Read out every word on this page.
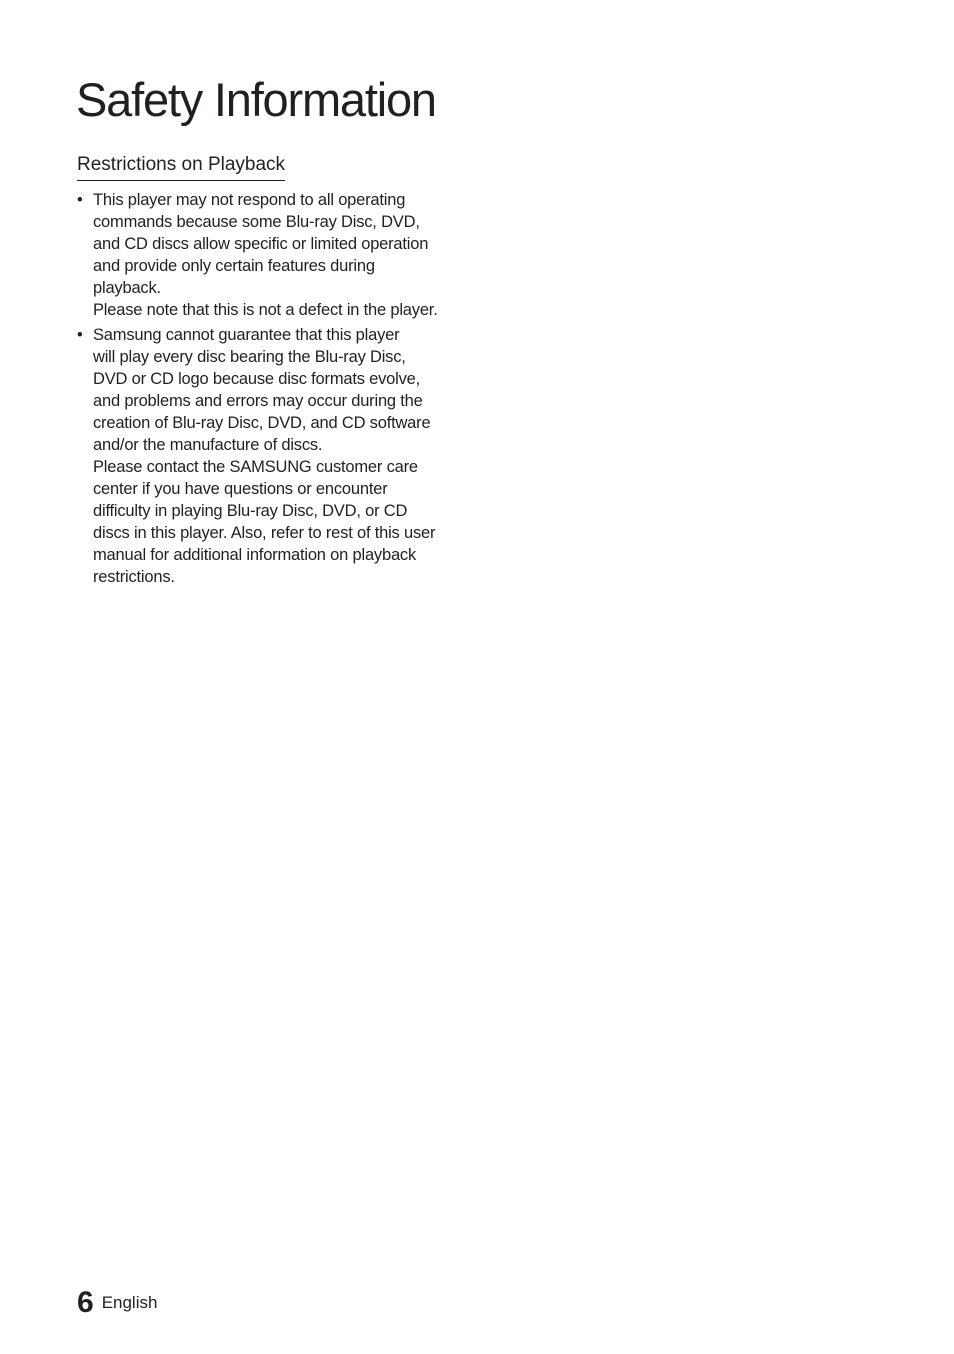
Safety Information
Restrictions on Playback
• This player may not respond to all operating

commands because some Blu-ray Disc, DVD,

and CD discs allow specific or limited operation

and provide only certain features during

playback.

Please note that this is not a defect in the player.

• Samsung cannot guarantee that this player

will play every disc bearing the Blu-ray Disc,

DVD or CD logo because disc formats evolve,

and problems and errors may occur during the

creation of Blu-ray Disc, DVD, and CD software

and/or the manufacture of discs.

Please contact the SAMSUNG customer care

center if you have questions or encounter

difficulty in playing Blu-ray Disc, DVD, or CD

discs in this player. Also, refer to rest of this user

manual for additional information on playback

restrictions.

6 English
